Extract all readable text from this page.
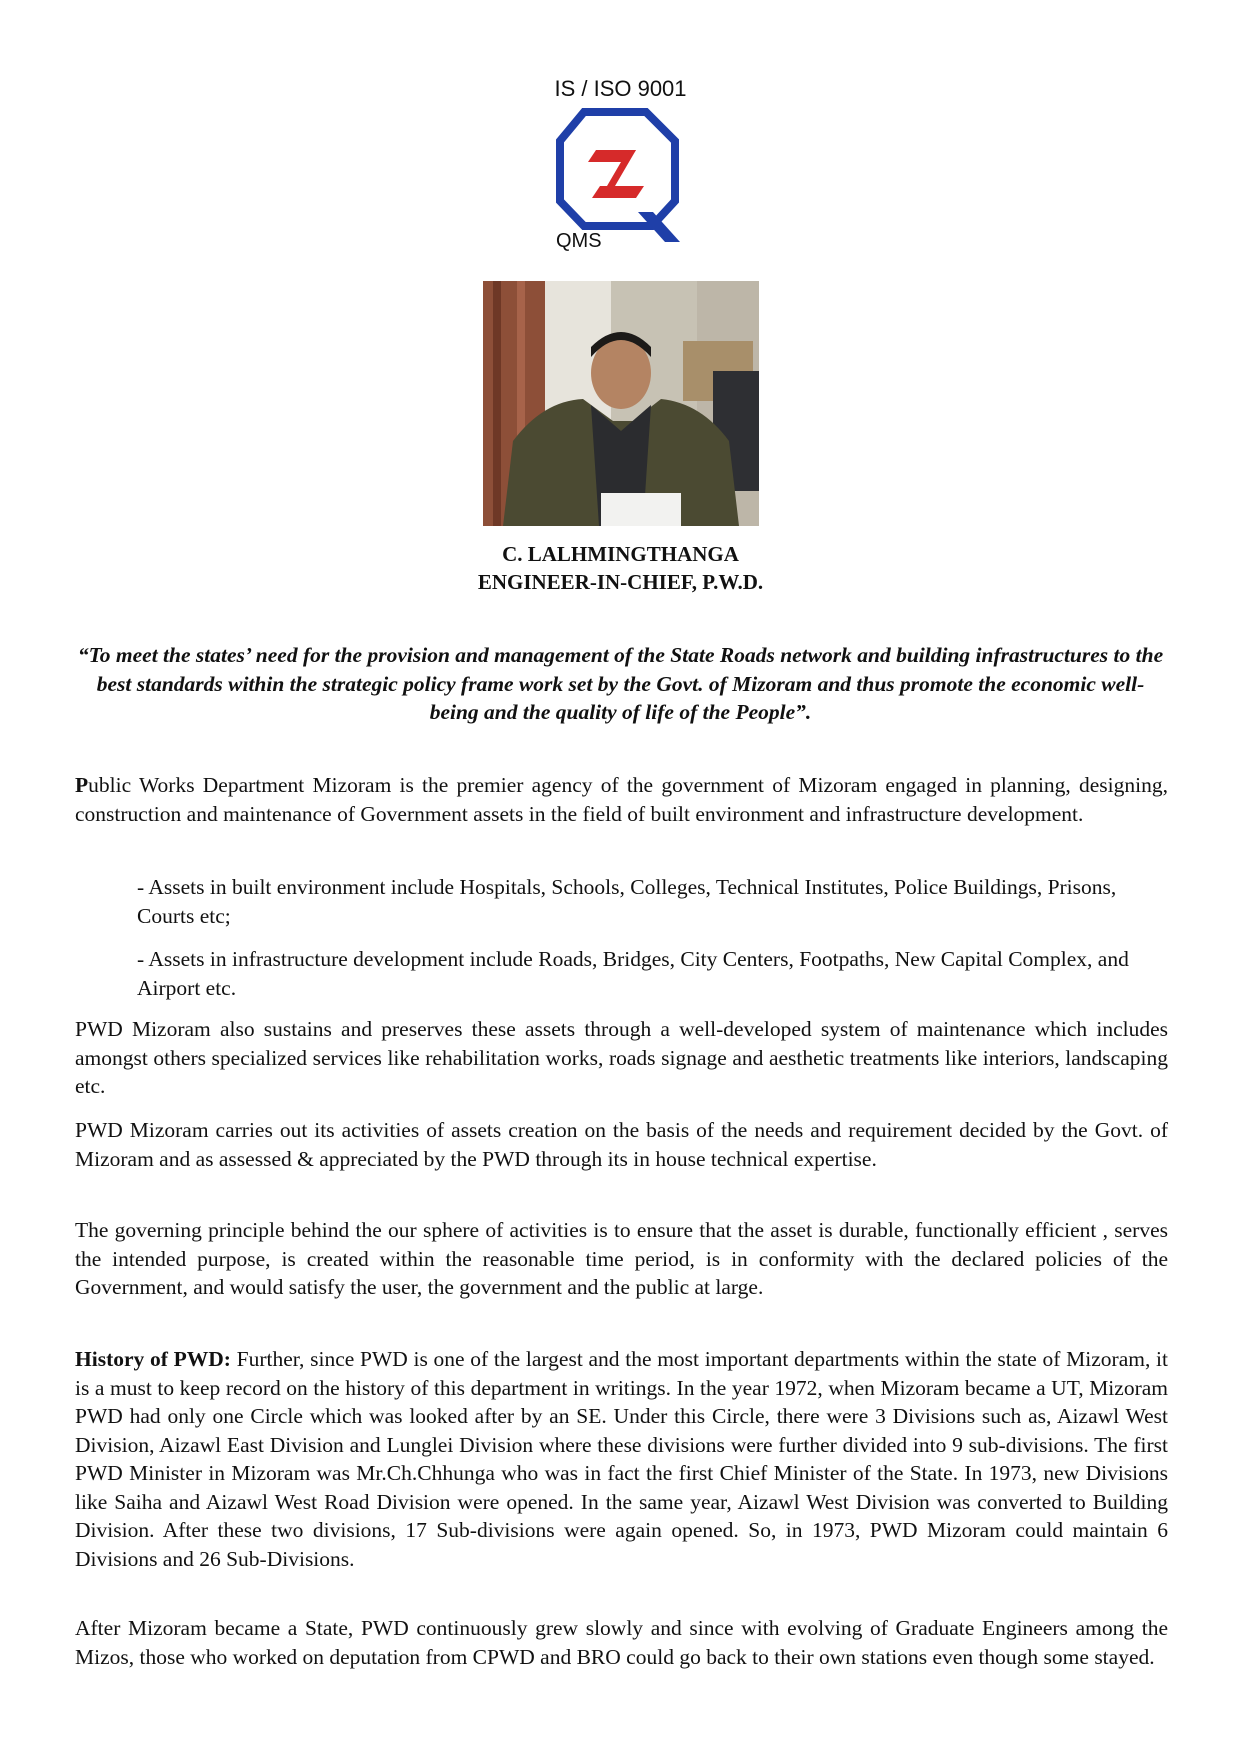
IS / ISO 9001
QMS
C. LALHMINGTHANGA
ENGINEER-IN-CHIEF, P.W.D.

“To meet the states’ need for the provision and management of the State Roads network and building infrastructures to the best standards within the strategic policy frame work set by the Govt. of Mizoram and thus promote the economic well-being and the quality of life of the People”.

Public Works Department Mizoram is the premier agency of the government of Mizoram engaged in planning, designing, construction and maintenance of Government assets in the field of built environment and infrastructure development.

- Assets in built environment include Hospitals, Schools, Colleges, Technical Institutes, Police Buildings, Prisons, Courts etc;

- Assets in infrastructure development include Roads, Bridges, City Centers, Footpaths, New Capital Complex, and Airport etc.

PWD Mizoram also sustains and preserves these assets through a well-developed system of maintenance which includes amongst others specialized services like rehabilitation works, roads signage and aesthetic treatments like interiors, landscaping etc.

PWD Mizoram carries out its activities of assets creation on the basis of the needs and requirement decided by the Govt. of Mizoram and as assessed & appreciated by the PWD through its in house technical expertise.

The governing principle behind the our sphere of activities is to ensure that the asset is durable, functionally efficient , serves the intended purpose, is created within the reasonable time period, is in conformity with the declared policies of the Government, and would satisfy the user, the government and the public at large.

History of PWD: Further, since PWD is one of the largest and the most important departments within the state of Mizoram, it is a must to keep record on the history of this department in writings. In the year 1972, when Mizoram became a UT, Mizoram PWD had only one Circle which was looked after by an SE. Under this Circle, there were 3 Divisions such as, Aizawl West Division, Aizawl East Division and Lunglei Division where these divisions were further divided into 9 sub-divisions. The first PWD Minister in Mizoram was Mr.Ch.Chhunga who was in fact the first Chief Minister of the State. In 1973, new Divisions like Saiha and Aizawl West Road Division were opened. In the same year, Aizawl West Division was converted to Building Division. After these two divisions, 17 Sub-divisions were again opened. So, in 1973, PWD Mizoram could maintain 6 Divisions and 26 Sub-Divisions.

After Mizoram became a State, PWD continuously grew slowly and since with evolving of Graduate Engineers among the Mizos, those who worked on deputation from CPWD and BRO could go back to their own stations even though some stayed.
